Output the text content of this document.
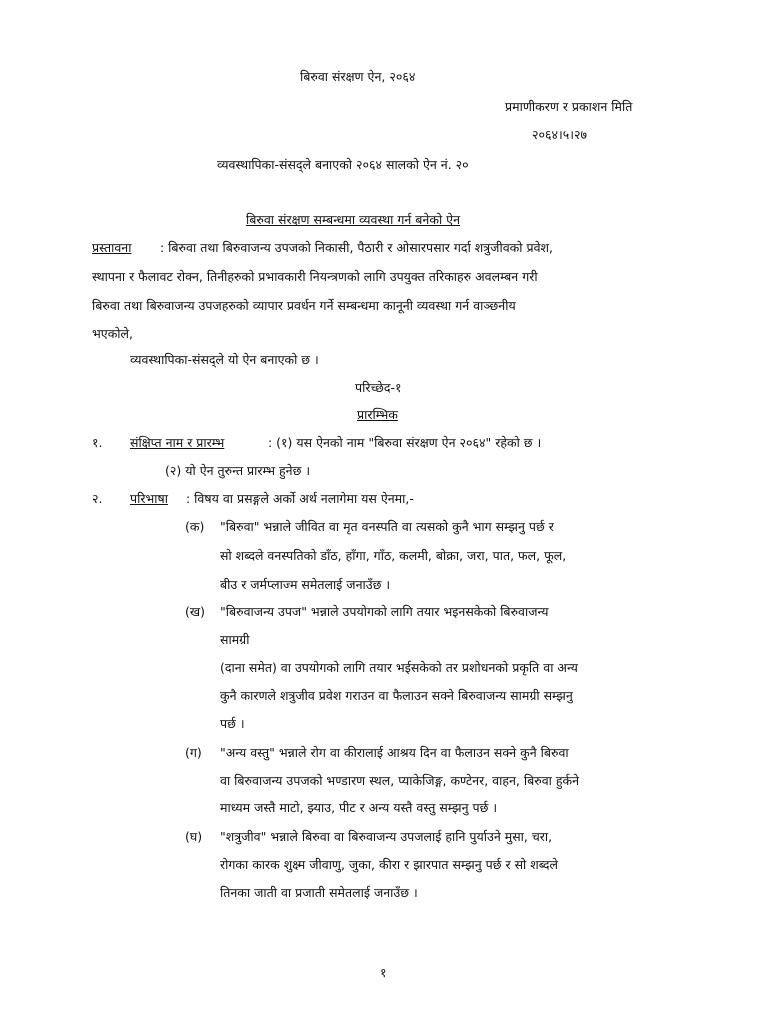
बिरुवा संरक्षण ऐन, २०६४
प्रमाणीकरण र प्रकाशन मिति
२०६४।५।२७
व्यवस्थापिका-संसद्ले बनाएको २०६४ सालको ऐन नं. २०
बिरुवा संरक्षण सम्बन्धमा व्यवस्था गर्न बनेको ऐन
प्रस्तावना : बिरुवा तथा बिरुवाजन्य उपजको निकासी, पैठारी र ओसारपसार गर्दा शत्रुजीवको प्रवेश,
स्थापना र फैलावट रोक्न, तिनीहरुको प्रभावकारी नियन्त्रणको लागि उपयुक्त तरिकाहरु अवलम्बन गरी
बिरुवा तथा बिरुवाजन्य उपजहरुको व्यापार प्रवर्धन गर्ने सम्बन्धमा कानूनी व्यवस्था गर्न वाञ्छनीय
भएकोले,
व्यवस्थापिका-संसद्ले यो ऐन बनाएको छ ।
परिच्छेद-१
प्रारम्भिक
१. संक्षिप्त नाम र प्रारम्भ	: (१) यस ऐनको नाम "बिरुवा संरक्षण ऐन २०६४" रहेको छ ।
(२) यो ऐन तुरुन्त प्रारम्भ हुनेछ ।
२. परिभाषा : विषय वा प्रसङ्गले अर्को अर्थ नलागेमा यस ऐनमा,-
(क) "बिरुवा" भन्नाले जीवित वा मृत वनस्पति वा त्यसको कुनै भाग सम्झनु पर्छ र
सो शब्दले वनस्पतिको डाँठ, हाँगा, गाँठ, कलमी, बोक्रा, जरा, पात, फल, फूल,
बीउ र जर्मप्लाज्म समेतलाई जनाउँछ ।
(ख) "बिरुवाजन्य उपज" भन्नाले उपयोगको लागि तयार भइनसकेको बिरुवाजन्य
सामग्री
(दाना समेत) वा उपयोगको लागि तयार भईसकेको तर प्रशोधनको प्रकृति वा अन्य
कुनै कारणले शत्रुजीव प्रवेश गराउन वा फैलाउन सक्ने बिरुवाजन्य सामग्री सम्झनु
पर्छ ।
(ग) "अन्य वस्तु" भन्नाले रोग वा कीरालाई आश्रय दिन वा फैलाउन सक्ने कुनै बिरुवा
वा बिरुवाजन्य उपजको भण्डारण स्थल, प्याकेजिङ्ग, कण्टेनर, वाहन, बिरुवा हुर्कने
माध्यम जस्तै माटो, झ्याउ, पीट र अन्य यस्तै वस्तु सम्झनु पर्छ ।
(घ) "शत्रुजीव" भन्नाले बिरुवा वा बिरुवाजन्य उपजलाई हानि पुर्याउने मुसा, चरा,
रोगका कारक शुक्ष्म जीवाणु, जुका, कीरा र झारपात सम्झनु पर्छ र सो शब्दले
तिनका जाती वा प्रजाती समेतलाई जनाउँछ ।
१
